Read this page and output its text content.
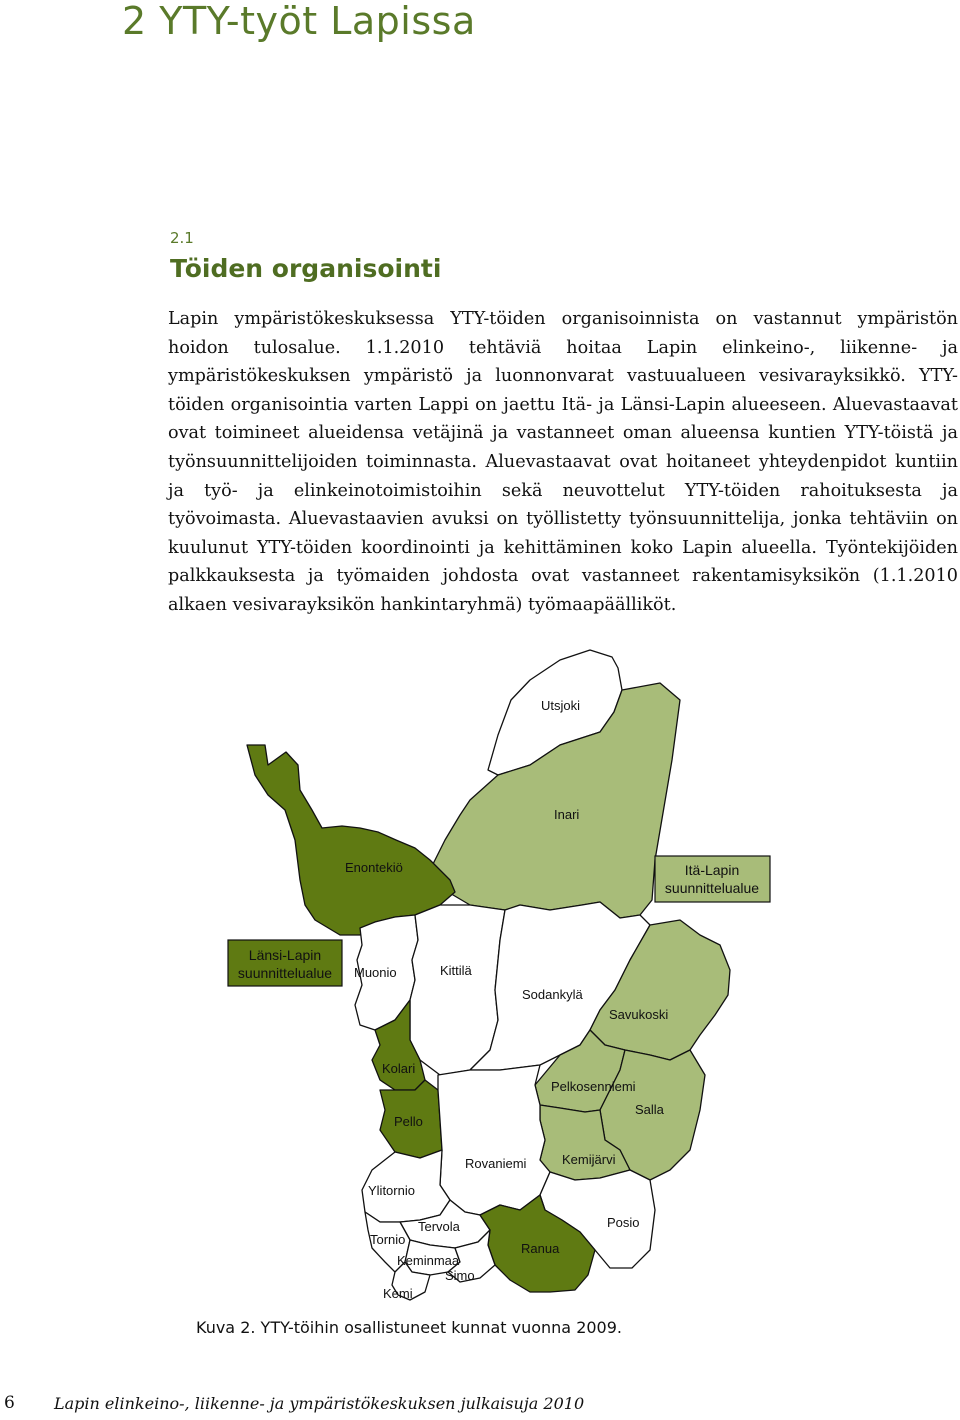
2 YTY-työt Lapissa
2.1
Töiden organisointi

Lapin ympäristökeskuksessa YTY-töiden organisoinnista on vastannut ympäristön hoidon tulosalue. 1.1.2010 tehtäviä hoitaa Lapin elinkeino-, liikenne- ja ympäristökeskuksen ympäristö ja luonnonvarat vastuualueen vesivarayksikkö. YTY-töiden organisointia varten Lappi on jaettu Itä- ja Länsi-Lapin alueeseen. Aluevastaavat ovat toimineet alueidensa vetäjinä ja vastanneet oman alueensa kuntien YTY-töistä ja työnsuunnittelijoiden toiminnasta. Aluevastaavat ovat hoitaneet yhteydenpidot kuntiin ja työ- ja elinkeinotoimistoihin sekä neuvottelut YTY-töiden rahoituksesta ja työvoimasta. Aluevastaavien avuksi on työllistetty työnsuunnittelija, jonka tehtäviin on kuulunut YTY-töiden koordinointi ja kehittäminen koko Lapin alueella. Työntekijöiden palkkauksesta ja työmaiden johdosta ovat vastanneet rakentamisyksikön (1.1.2010 alkaen vesivarayksikön hankintaryhmä) työmaapäälliköt.

Itä-Lapin
suunnittelualue
Länsi-Lapin
suunnittelualue
Utsjoki
Inari
Enontekiö
Muonio	Kittilä
Sodankylä
Savukoski
Kolari
Pelkosenniemi
Salla
Pello
Rovaniemi	Kemijärvi
Ylitornio
Tervola	Posio
Tornio
Ranua
Keminmaa
Simo
Kemi
Kuva 2. YTY-töihin osallistuneet kunnat vuonna 2009.
6 Lapin elinkeino-, liikenne- ja ympäristökeskuksen julkaisuja 2010
